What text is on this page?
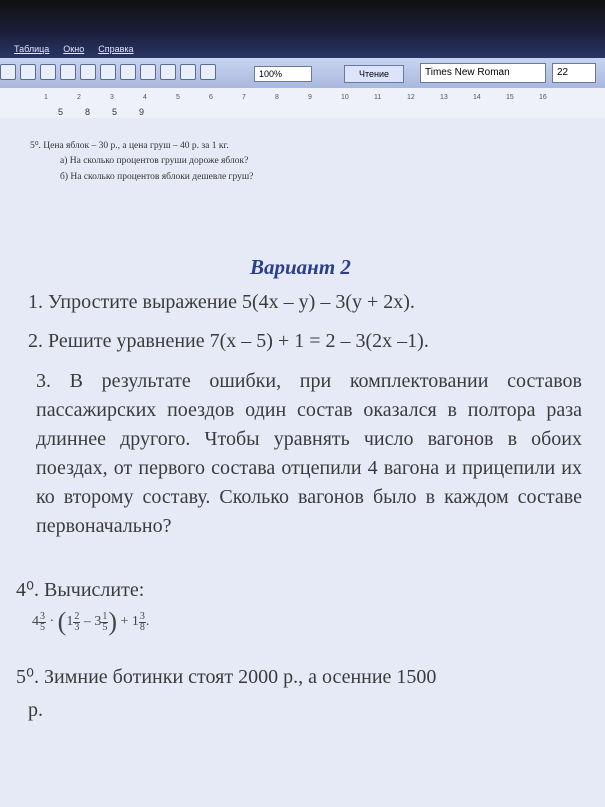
Таблица Окно Справка
100%	Чтение	Times New Roman	22
1	2	3	4	5	6	7	8	9	10	11	12	13	14	15	16
5 8 5 9
5⁰. Цена яблок – 30 р., а цена груш – 40 р. за 1 кг.
а) На сколько процентов груши дороже яблок?
б) На сколько процентов яблоки дешевле груш?
Вариант 2
1. Упростите выражение 5(4x – y) – 3(y + 2x).
2. Решите уравнение 7(x – 5) + 1 = 2 – 3(2x –1).

3. В результате ошибки, при комплектовании составов пассажирских поездов один состав оказался в полтора раза длиннее другого. Чтобы уравнять число вагонов в обоих поездах, от первого состава отцепили 4 вагона и прицепили их ко второму составу. Сколько вагонов было в каждом составе первоначально?

4⁰. Вычислите:
$4 \frac{3}{5} \cdot (1 \frac{2}{3} - 3 \frac{1}{5}$ ) + $1 \frac{3}{8}$ .
5⁰. Зимние ботинки стоят 2000 р., а осенние 1500
р.
